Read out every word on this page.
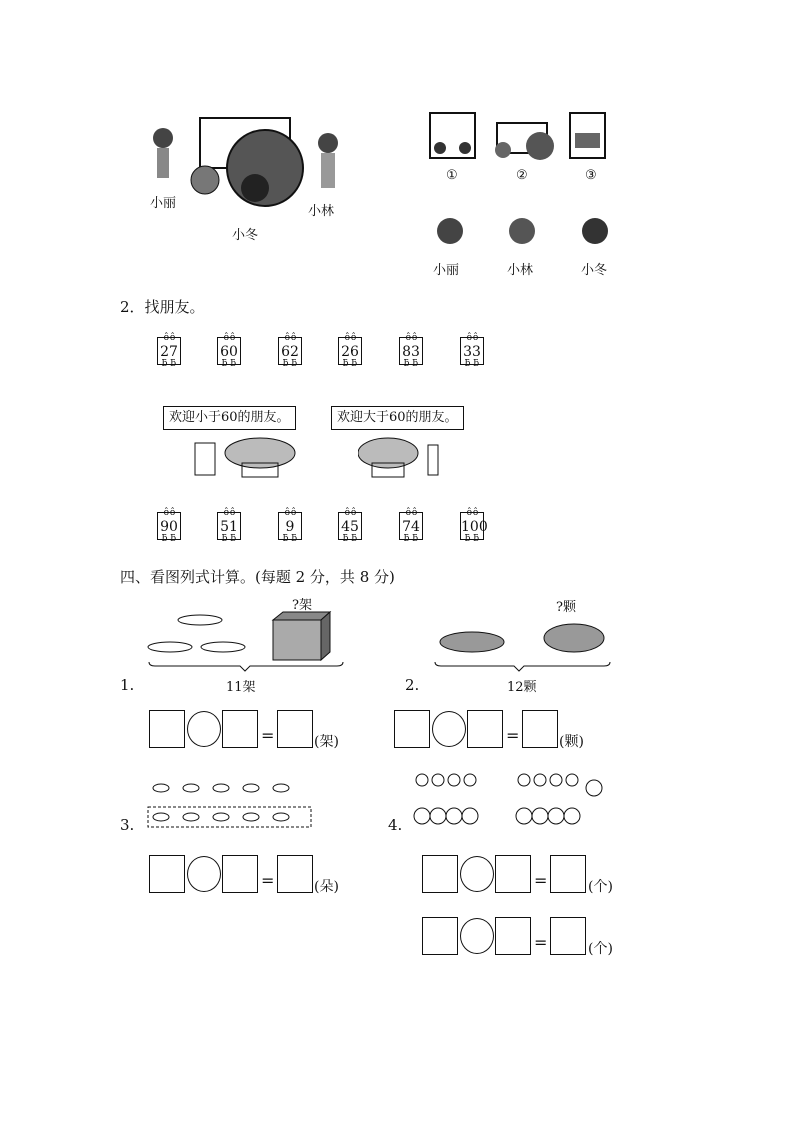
小丽
小冬
小林
①	②	③
小丽	小林	小冬
2．找朋友。
ô ô 27 ƃ ƃ	ô ô 60 ƃ ƃ	ô ô 62 ƃ ƃ	ô ô 26 ƃ ƃ	ô ô 83 ƃ ƃ	ô ô 33 ƃ ƃ
欢迎小于60的朋友。	欢迎大于60的朋友。
ô ô 90 ƃ ƃ	ô ô 51 ƃ ƃ	ô ô 9 ƃ ƃ	ô ô 45 ƃ ƃ	ô ô 74 ƃ ƃ	ô ô 100 ƃ ƃ
四、看图列式计算。(每题 2 分，共 8 分)
?架
11架
1.
?颗
12颗
2.
=	(架)	=	(颗)
3.	4.
=	(朵)	=	(个)
=	(个)
